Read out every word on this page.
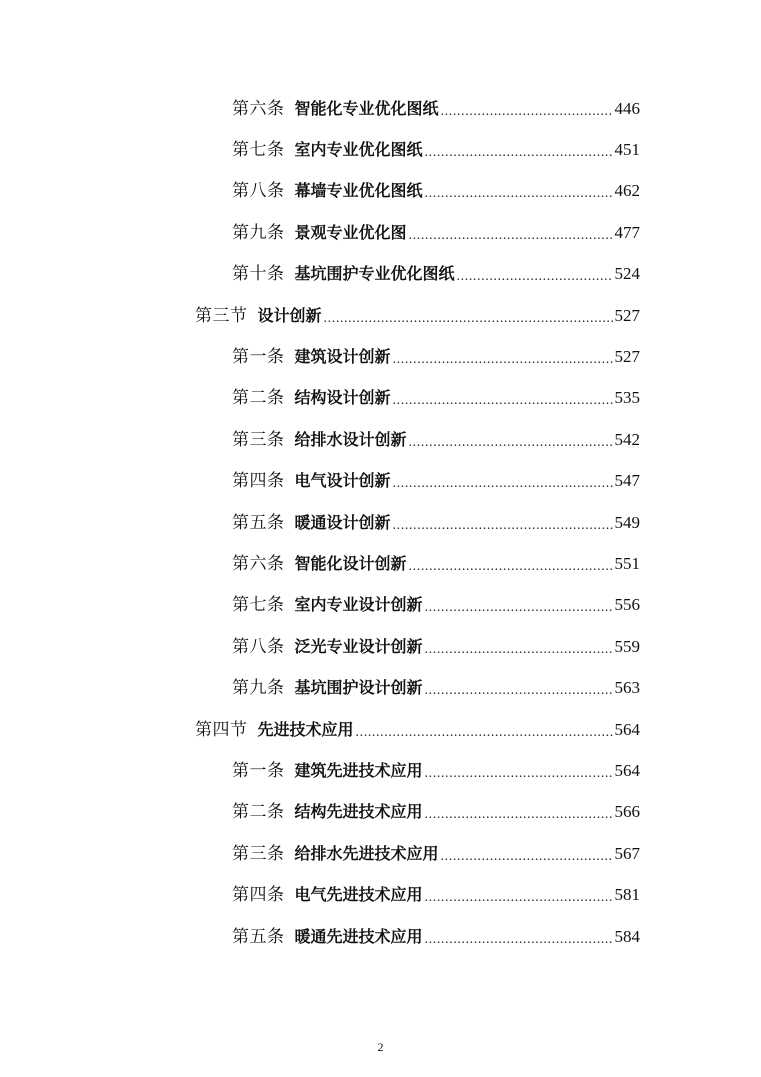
第六条 智能化专业优化图纸 .....	446
第七条 室内专业优化图纸 .....	451
第八条 幕墙专业优化图纸 .....	462
第九条 景观专业优化图 .....	477
第十条 基坑围护专业优化图纸 .....	524
第三节 设计创新 .....	527
第一条 建筑设计创新 .....	527
第二条 结构设计创新 .....	535
第三条 给排水设计创新 .....	542
第四条 电气设计创新 .....	547
第五条 暖通设计创新 .....	549
第六条 智能化设计创新 .....	551
第七条 室内专业设计创新 .....	556
第八条 泛光专业设计创新 .....	559
第九条 基坑围护设计创新 .....	563
第四节 先进技术应用 .....	564
第一条 建筑先进技术应用 .....	564
第二条 结构先进技术应用 .....	566
第三条 给排水先进技术应用 .....	567
第四条 电气先进技术应用 .....	581
第五条 暖通先进技术应用 .....	584
2
